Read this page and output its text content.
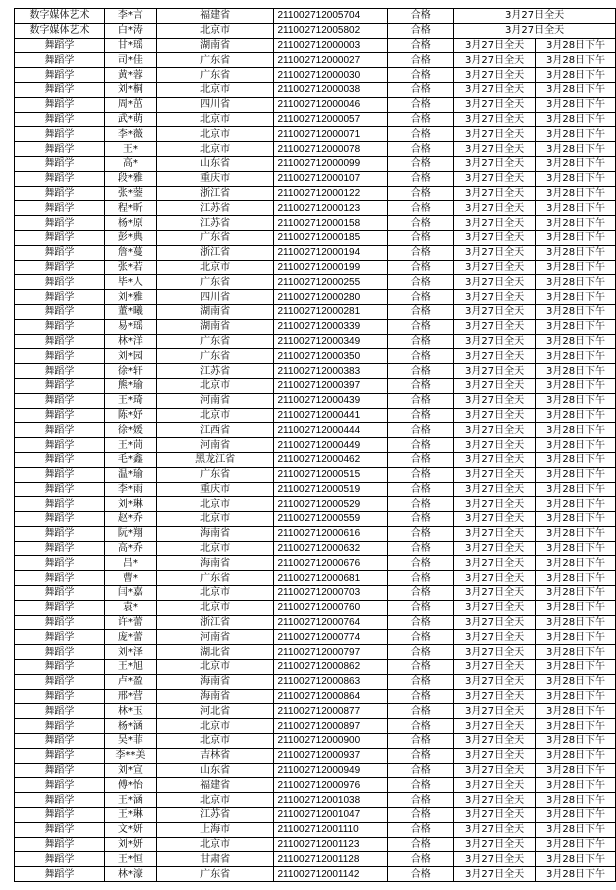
数字媒体艺术	李*言	福建省	211002712005704	合格	3月27日全天	
数字媒体艺术	白*涛	北京市	211002712005802	合格	3月27日全天	
舞蹈学	甘*瑶	湖南省	211002712000003	合格	3月27日全天	3月28日下午
舞蹈学	司*佳	广东省	211002712000027	合格	3月27日全天	3月28日下午
舞蹈学	黄*蓉	广东省	211002712000030	合格	3月27日全天	3月28日下午
舞蹈学	刘*桐	北京市	211002712000038	合格	3月27日全天	3月28日下午
舞蹈学	周*茁	四川省	211002712000046	合格	3月27日全天	3月28日下午
舞蹈学	武*萌	北京市	211002712000057	合格	3月27日全天	3月28日下午
舞蹈学	李*薇	北京市	211002712000071	合格	3月27日全天	3月28日下午
舞蹈学	王*	北京市	211002712000078	合格	3月27日全天	3月28日下午
舞蹈学	高*	山东省	211002712000099	合格	3月27日全天	3月28日下午
舞蹈学	段*雅	重庆市	211002712000107	合格	3月27日全天	3月28日下午
舞蹈学	张*蓥	浙江省	211002712000122	合格	3月27日全天	3月28日下午
舞蹈学	程*昕	江苏省	211002712000123	合格	3月27日全天	3月28日下午
舞蹈学	杨*原	江苏省	211002712000158	合格	3月27日全天	3月28日下午
舞蹈学	彭*典	广东省	211002712000185	合格	3月27日全天	3月28日下午
舞蹈学	詹*蔓	浙江省	211002712000194	合格	3月27日全天	3月28日下午
舞蹈学	张*若	北京市	211002712000199	合格	3月27日全天	3月28日下午
舞蹈学	毕*人	广东省	211002712000255	合格	3月27日全天	3月28日下午
舞蹈学	刘*雅	四川省	211002712000280	合格	3月27日全天	3月28日下午
舞蹈学	董*曦	湖南省	211002712000281	合格	3月27日全天	3月28日下午
舞蹈学	易*瑶	湖南省	211002712000339	合格	3月27日全天	3月28日下午
舞蹈学	林*洋	广东省	211002712000349	合格	3月27日全天	3月28日下午
舞蹈学	刘*园	广东省	211002712000350	合格	3月27日全天	3月28日下午
舞蹈学	徐*轩	江苏省	211002712000383	合格	3月27日全天	3月28日下午
舞蹈学	熊*瑜	北京市	211002712000397	合格	3月27日全天	3月28日下午
舞蹈学	王*琦	河南省	211002712000439	合格	3月27日全天	3月28日下午
舞蹈学	陈*妤	北京市	211002712000441	合格	3月27日全天	3月28日下午
舞蹈学	徐*媛	江西省	211002712000444	合格	3月27日全天	3月28日下午
舞蹈学	王*茼	河南省	211002712000449	合格	3月27日全天	3月28日下午
舞蹈学	毛*鑫	黑龙江省	211002712000462	合格	3月27日全天	3月28日下午
舞蹈学	温*瑜	广东省	211002712000515	合格	3月27日全天	3月28日下午
舞蹈学	李*雨	重庆市	211002712000519	合格	3月27日全天	3月28日下午
舞蹈学	刘*琳	北京市	211002712000529	合格	3月27日全天	3月28日下午
舞蹈学	赵*乔	北京市	211002712000559	合格	3月27日全天	3月28日下午
舞蹈学	阮*翔	海南省	211002712000616	合格	3月27日全天	3月28日下午
舞蹈学	高*乔	北京市	211002712000632	合格	3月27日全天	3月28日下午
舞蹈学	吕*	海南省	211002712000676	合格	3月27日全天	3月28日下午
舞蹈学	曹*	广东省	211002712000681	合格	3月27日全天	3月28日下午
舞蹈学	闫*嘉	北京市	211002712000703	合格	3月27日全天	3月28日下午
舞蹈学	袁*	北京市	211002712000760	合格	3月27日全天	3月28日下午
舞蹈学	许*蕾	浙江省	211002712000764	合格	3月27日全天	3月28日下午
舞蹈学	庞*蕾	河南省	211002712000774	合格	3月27日全天	3月28日下午
舞蹈学	刘*泽	湖北省	211002712000797	合格	3月27日全天	3月28日下午
舞蹈学	王*旭	北京市	211002712000862	合格	3月27日全天	3月28日下午
舞蹈学	卢*盈	海南省	211002712000863	合格	3月27日全天	3月28日下午
舞蹈学	邢*营	海南省	211002712000864	合格	3月27日全天	3月28日下午
舞蹈学	林*玉	河北省	211002712000877	合格	3月27日全天	3月28日下午
舞蹈学	杨*涵	北京市	211002712000897	合格	3月27日全天	3月28日下午
舞蹈学	吴*菲	北京市	211002712000900	合格	3月27日全天	3月28日下午
舞蹈学	李**美	吉林省	211002712000937	合格	3月27日全天	3月28日下午
舞蹈学	刘*宣	山东省	211002712000949	合格	3月27日全天	3月28日下午
舞蹈学	傅*怡	福建省	211002712000976	合格	3月27日全天	3月28日下午
舞蹈学	王*涵	北京市	211002712001038	合格	3月27日全天	3月28日下午
舞蹈学	王*琳	江苏省	211002712001047	合格	3月27日全天	3月28日下午
舞蹈学	文*妍	上海市	211002712001110	合格	3月27日全天	3月28日下午
舞蹈学	刘*妍	北京市	211002712001123	合格	3月27日全天	3月28日下午
舞蹈学	王*恒	甘肃省	211002712001128	合格	3月27日全天	3月28日下午
舞蹈学	林*濠	广东省	211002712001142	合格	3月27日全天	3月28日下午
